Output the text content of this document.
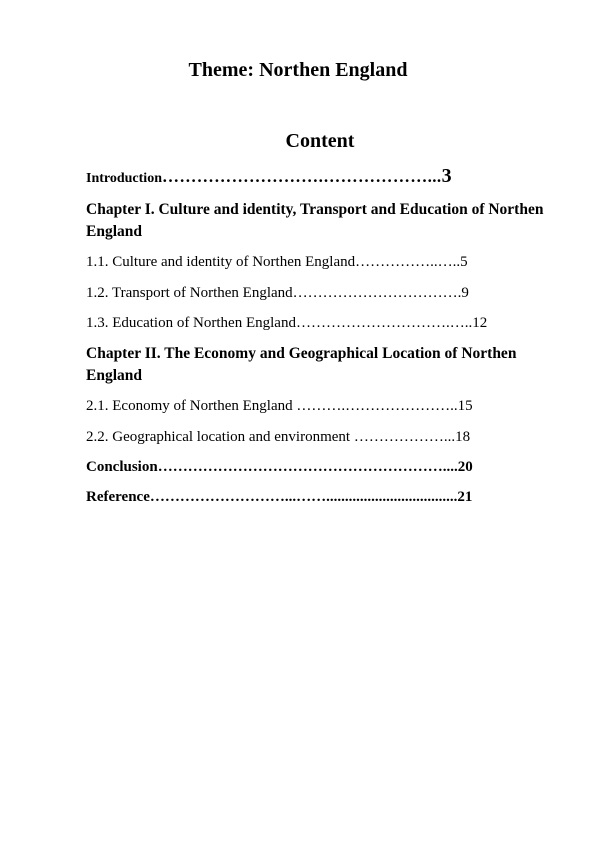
Theme: Northen England
Content
Introduction……………………….………………...3
Chapter I. Culture and identity, Transport and Education of Northen England
1.1. Culture and identity of Northen England……………..…..5
1.2. Transport of Northen England…………………………….9
1.3. Education of Northen England………………………….…..12
Chapter II. The Economy and Geographical Location of Northen England
2.1. Economy of Northen England ……….…………………..15
2.2. Geographical location and environment ………………...18
Conclusion…………………………………………………....20
Reference………………………...……...................................21
